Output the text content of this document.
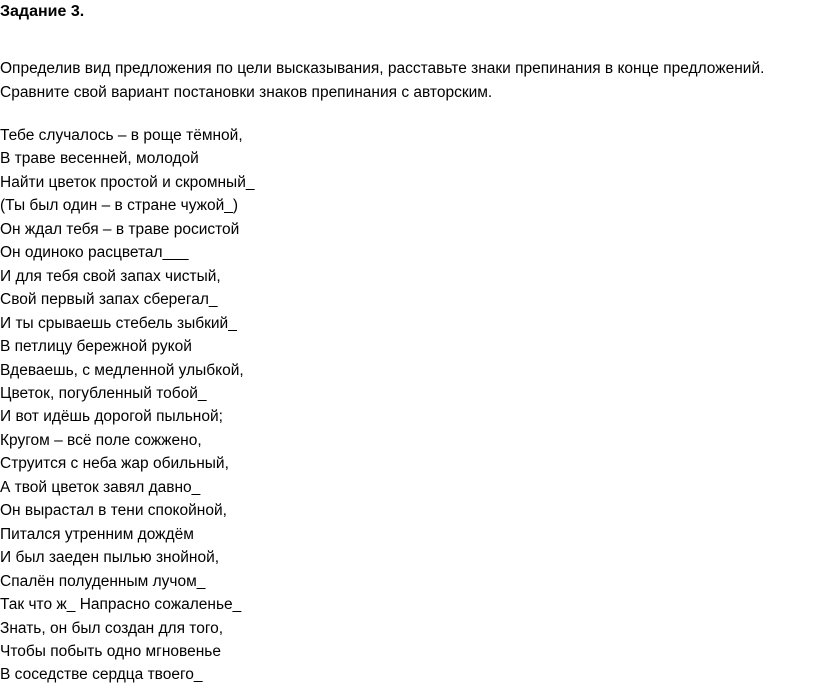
Задание 3.
Определив вид предложения по цели высказывания, расставьте знаки препинания в конце предложений.
Сравните свой вариант постановки знаков препинания с авторским.
Тебе случалось – в роще тёмной,
В траве весенней, молодой
Найти цветок простой и скромный_
(Ты был один – в стране чужой_)
Он ждал тебя – в траве росистой
Он одиноко расцветал___
И для тебя свой запах чистый,
Свой первый запах сберегал_
И ты срываешь стебель зыбкий_
В петлицу бережной рукой
Вдеваешь, с медленной улыбкой,
Цветок, погубленный тобой_
И вот идёшь дорогой пыльной;
Кругом – всё поле сожжено,
Струится с неба жар обильный,
А твой цветок завял давно_
Он вырастал в тени спокойной,
Питался утренним дождём
И был заеден пылью знойной,
Спалён полуденным лучом_
Так что ж_ Напрасно сожаленье_
Знать, он был создан для того,
Чтобы побыть одно мгновенье
В соседстве сердца твоего_
